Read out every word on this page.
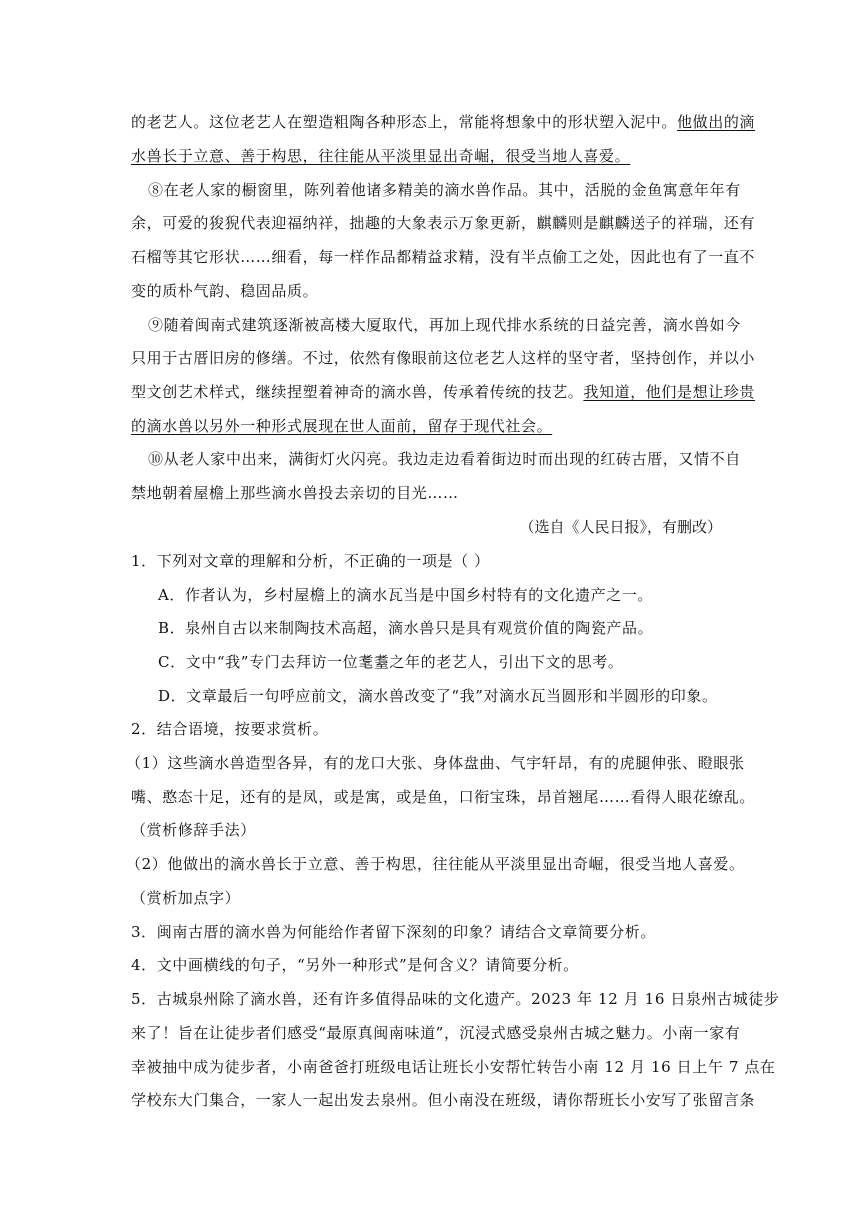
的老艺人。这位老艺人在塑造粗陶各种形态上，常能将想象中的形状塑入泥中。他做出的滴
水兽长于立意、善于构思，往往能从平淡里显出奇崛，很受当地人喜爱。
⑧在老人家的橱窗里，陈列着他诸多精美的滴水兽作品。其中，活脱的金鱼寓意年年有
余，可爱的狻猊代表迎福纳祥，拙趣的大象表示万象更新，麒麟则是麒麟送子的祥瑞，还有
石榴等其它形状……细看，每一样作品都精益求精，没有半点偷工之处，因此也有了一直不
变的质朴气韵、稳固品质。
⑨随着闽南式建筑逐渐被高楼大厦取代，再加上现代排水系统的日益完善，滴水兽如今
只用于古厝旧房的修缮。不过，依然有像眼前这位老艺人这样的坚守者，坚持创作，并以小
型文创艺术样式，继续捏塑着神奇的滴水兽，传承着传统的技艺。我知道，他们是想让珍贵
的滴水兽以另外一种形式展现在世人面前，留存于现代社会。
⑩从老人家中出来，满街灯火闪亮。我边走边看着街边时而出现的红砖古厝，又情不自
禁地朝着屋檐上那些滴水兽投去亲切的目光……
（选自《人民日报》，有删改）
1．下列对文章的理解和分析，不正确的一项是（ ）
A．作者认为，乡村屋檐上的滴水瓦当是中国乡村特有的文化遗产之一。
B．泉州自古以来制陶技术高超，滴水兽只是具有观赏价值的陶瓷产品。
C．文中“我”专门去拜访一位耄耋之年的老艺人，引出下文的思考。
D．文章最后一句呼应前文，滴水兽改变了“我”对滴水瓦当圆形和半圆形的印象。
2．结合语境，按要求赏析。
（1）这些滴水兽造型各异，有的龙口大张、身体盘曲、气宇轩昂，有的虎腿伸张、瞪眼张
嘴、憨态十足，还有的是凤，或是寓，或是鱼，口衔宝珠，昂首翘尾……看得人眼花缭乱。
（赏析修辞手法）
（2）他做出的滴水兽长于立意、善于构思，往往能从平淡里显出奇崛，很受当地人喜爱。
（赏析加点字）
3．闽南古厝的滴水兽为何能给作者留下深刻的印象？请结合文章简要分析。
4．文中画横线的句子，“另外一种形式”是何含义？请简要分析。
5．古城泉州除了滴水兽，还有许多值得品味的文化遗产。2023 年 12 月 16 日泉州古城徒步
来了！旨在让徒步者们感受“最原真闽南味道”，沉浸式感受泉州古城之魅力。小南一家有
幸被抽中成为徒步者，小南爸爸打班级电话让班长小安帮忙转告小南 12 月 16 日上午 7 点在
学校东大门集合，一家人一起出发去泉州。但小南没在班级，请你帮班长小安写了张留言条
